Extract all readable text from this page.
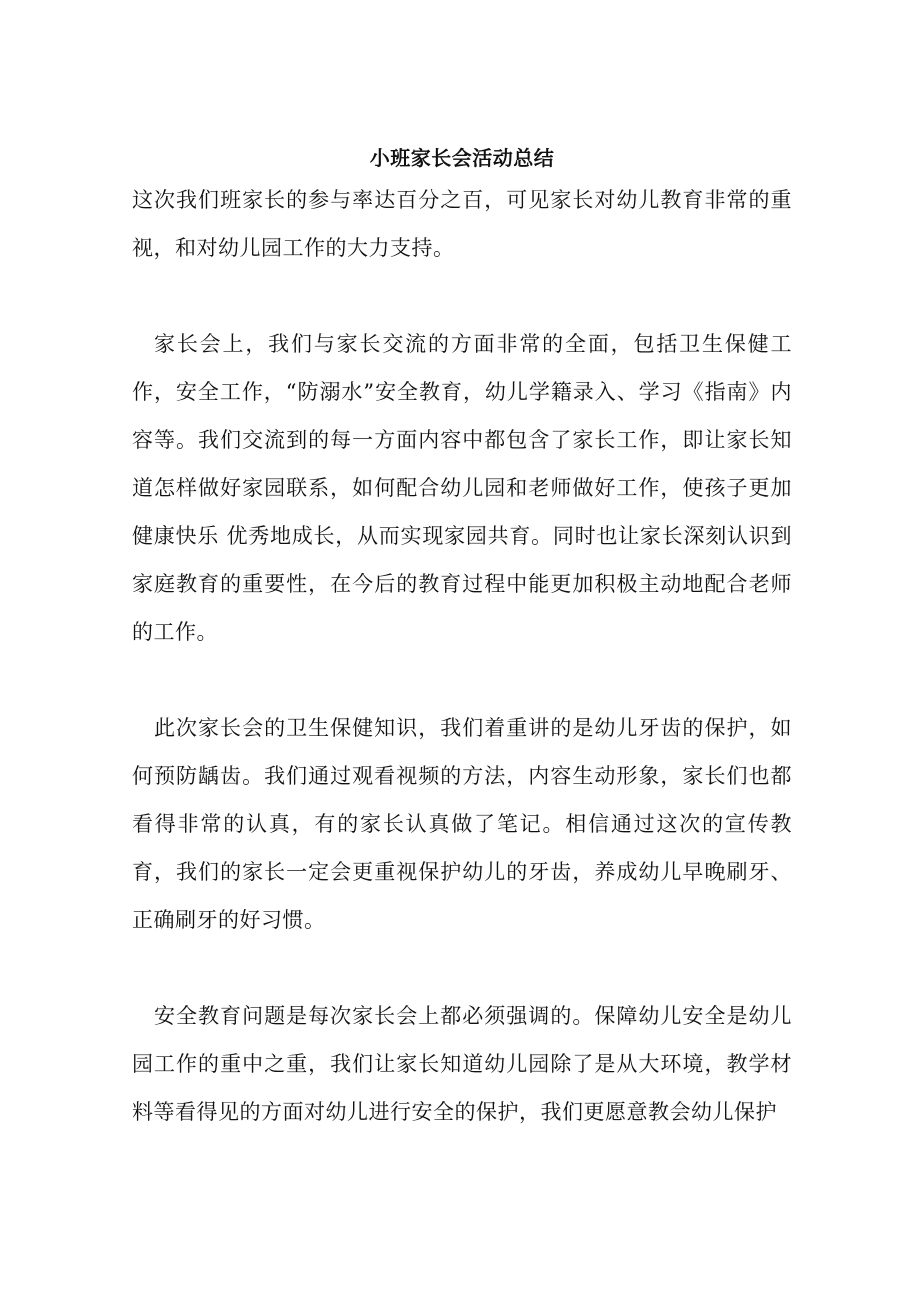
小班家长会活动总结

这次我们班家长的参与率达百分之百，可见家长对幼儿教育非常的重视，和对幼儿园工作的大力支持。

家长会上，我们与家长交流的方面非常的全面，包括卫生保健工作，安全工作，“防溺水”安全教育，幼儿学籍录入、学习《指南》内容等。我们交流到的每一方面内容中都包含了家长工作，即让家长知道怎样做好家园联系，如何配合幼儿园和老师做好工作，使孩子更加健康快乐 优秀地成长，从而实现家园共育。同时也让家长深刻认识到家庭教育的重要性，在今后的教育过程中能更加积极主动地配合老师的工作。

此次家长会的卫生保健知识，我们着重讲的是幼儿牙齿的保护，如何预防龋齿。我们通过观看视频的方法，内容生动形象，家长们也都看得非常的认真，有的家长认真做了笔记。相信通过这次的宣传教育，我们的家长一定会更重视保护幼儿的牙齿，养成幼儿早晚刷牙、正确刷牙的好习惯。

安全教育问题是每次家长会上都必须强调的。保障幼儿安全是幼儿园工作的重中之重，我们让家长知道幼儿园除了是从大环境，教学材料等看得见的方面对幼儿进行安全的保护，我们更愿意教会幼儿保护
